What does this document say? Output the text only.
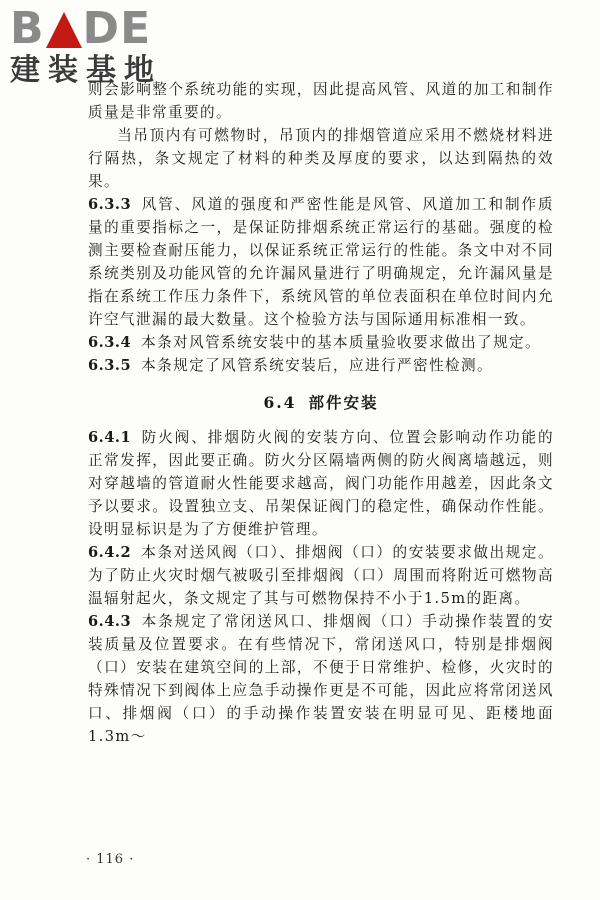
B DE
建装基地

则会影响整个系统功能的实现，因此提高风管、风道的加工和制作质量是非常重要的。

当吊顶内有可燃物时，吊顶内的排烟管道应采用不燃烧材料进行隔热，条文规定了材料的种类及厚度的要求，以达到隔热的效果。

6.3.3 风管、风道的强度和严密性能是风管、风道加工和制作质量的重要指标之一，是保证防排烟系统正常运行的基础。强度的检测主要检查耐压能力，以保证系统正常运行的性能。条文中对不同系统类别及功能风管的允许漏风量进行了明确规定，允许漏风量是指在系统工作压力条件下，系统风管的单位表面积在单位时间内允许空气泄漏的最大数量。这个检验方法与国际通用标准相一致。

6.3.4 本条对风管系统安装中的基本质量验收要求做出了规定。

6.3.5 本条规定了风管系统安装后，应进行严密性检测。

6.4 部件安装

6.4.1 防火阀、排烟防火阀的安装方向、位置会影响动作功能的正常发挥，因此要正确。防火分区隔墙两侧的防火阀离墙越远，则对穿越墙的管道耐火性能要求越高，阀门功能作用越差，因此条文予以要求。设置独立支、吊架保证阀门的稳定性，确保动作性能。设明显标识是为了方便维护管理。

6.4.2 本条对送风阀（口）、排烟阀（口）的安装要求做出规定。为了防止火灾时烟气被吸引至排烟阀（口）周围而将附近可燃物高温辐射起火，条文规定了其与可燃物保持不小于1.5m的距离。

6.4.3 本条规定了常闭送风口、排烟阀（口）手动操作装置的安装质量及位置要求。在有些情况下，常闭送风口，特别是排烟阀（口）安装在建筑空间的上部，不便于日常维护、检修，火灾时的特殊情况下到阀体上应急手动操作更是不可能，因此应将常闭送风口、排烟阀（口）的手动操作装置安装在明显可见、距楼地面1.3m～

· 116 ·
